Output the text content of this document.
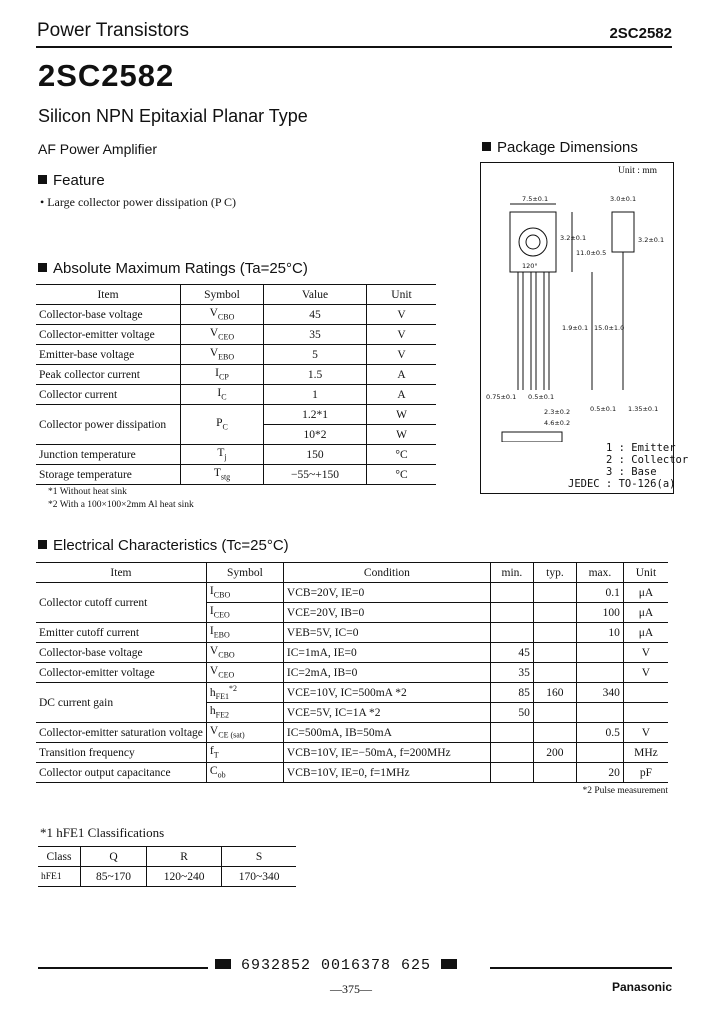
Power Transistors	2SC2582
2SC2582
Silicon NPN Epitaxial Planar Type
AF Power Amplifier
Feature
• Large collector power dissipation (P C)
Absolute Maximum Ratings (Ta=25°C)
Item	Symbol	Value	Unit
Collector-base voltage	$V_{CBO}$	45	V
Collector-emitter voltage	$V_{CEO}$	35	V
Emitter-base voltage	$V_{EBO}$	5	V
Peak collector current	$I_{CP}$	1.5	A
Collector current	$I_C$	1	A
Collector power dissipation	$P_C$	1.2*1	W
		10*2	W
Junction temperature	$T_j$	150	°C
Storage temperature	$T_{stg}$	−55~+150	°C
*1 Without heat sink
*2 With a 100×100×2mm Al heat sink
Package Dimensions
Unit : mm
7.5±0.1	3.0±0.1
3.2±0.1
11.0±0.5
3.2±0.1
1.9±0.1 15.0±1.0
0.75±0.1 0.5±0.1
2.3±0.2
4.6±0.2
0.5±0.1 1.35±0.1
120°
1 : Emitter
2 : Collector
3 : Base
JEDEC : TO-126(a)
Electrical Characteristics (Tc=25°C)
Item	Symbol	Condition	min.	typ.	max.	Unit
Collector cutoff current	$I_{CBO}$	VCB=20V, IE=0			0.1	μA
	$I_{CEO}$	VCE=20V, IB=0			100	μA
Emitter cutoff current	$I_{EBO}$	VEB=5V, IC=0			10	μA
Collector-base voltage	$V_{CBO}$	IC=1mA, IE=0	45			V
Collector-emitter voltage	$V_{CEO}$	IC=2mA, IB=0	35			V
DC current gain	$h_{FE1}^{*2}$	VCE=10V, IC=500mA *2	85	160	340	
	$h_{FE2}$	VCE=5V, IC=1A *2	50			
Collector-emitter saturation voltage	$V_{CE (sat)}$	IC=500mA, IB=50mA			0.5	V
Transition frequency	$f_T$	VCB=10V, IE=−50mA, f=200MHz		200		MHz
Collector output capacitance	$C_{ob}$	VCB=10V, IE=0, f=1MHz			20	pF
*2 Pulse measurement
*1 hFE1 Classifications
Class	Q	R	S
hFE1	85~170	120~240	170~340
6932852 0016378 625
—375—	Panasonic
